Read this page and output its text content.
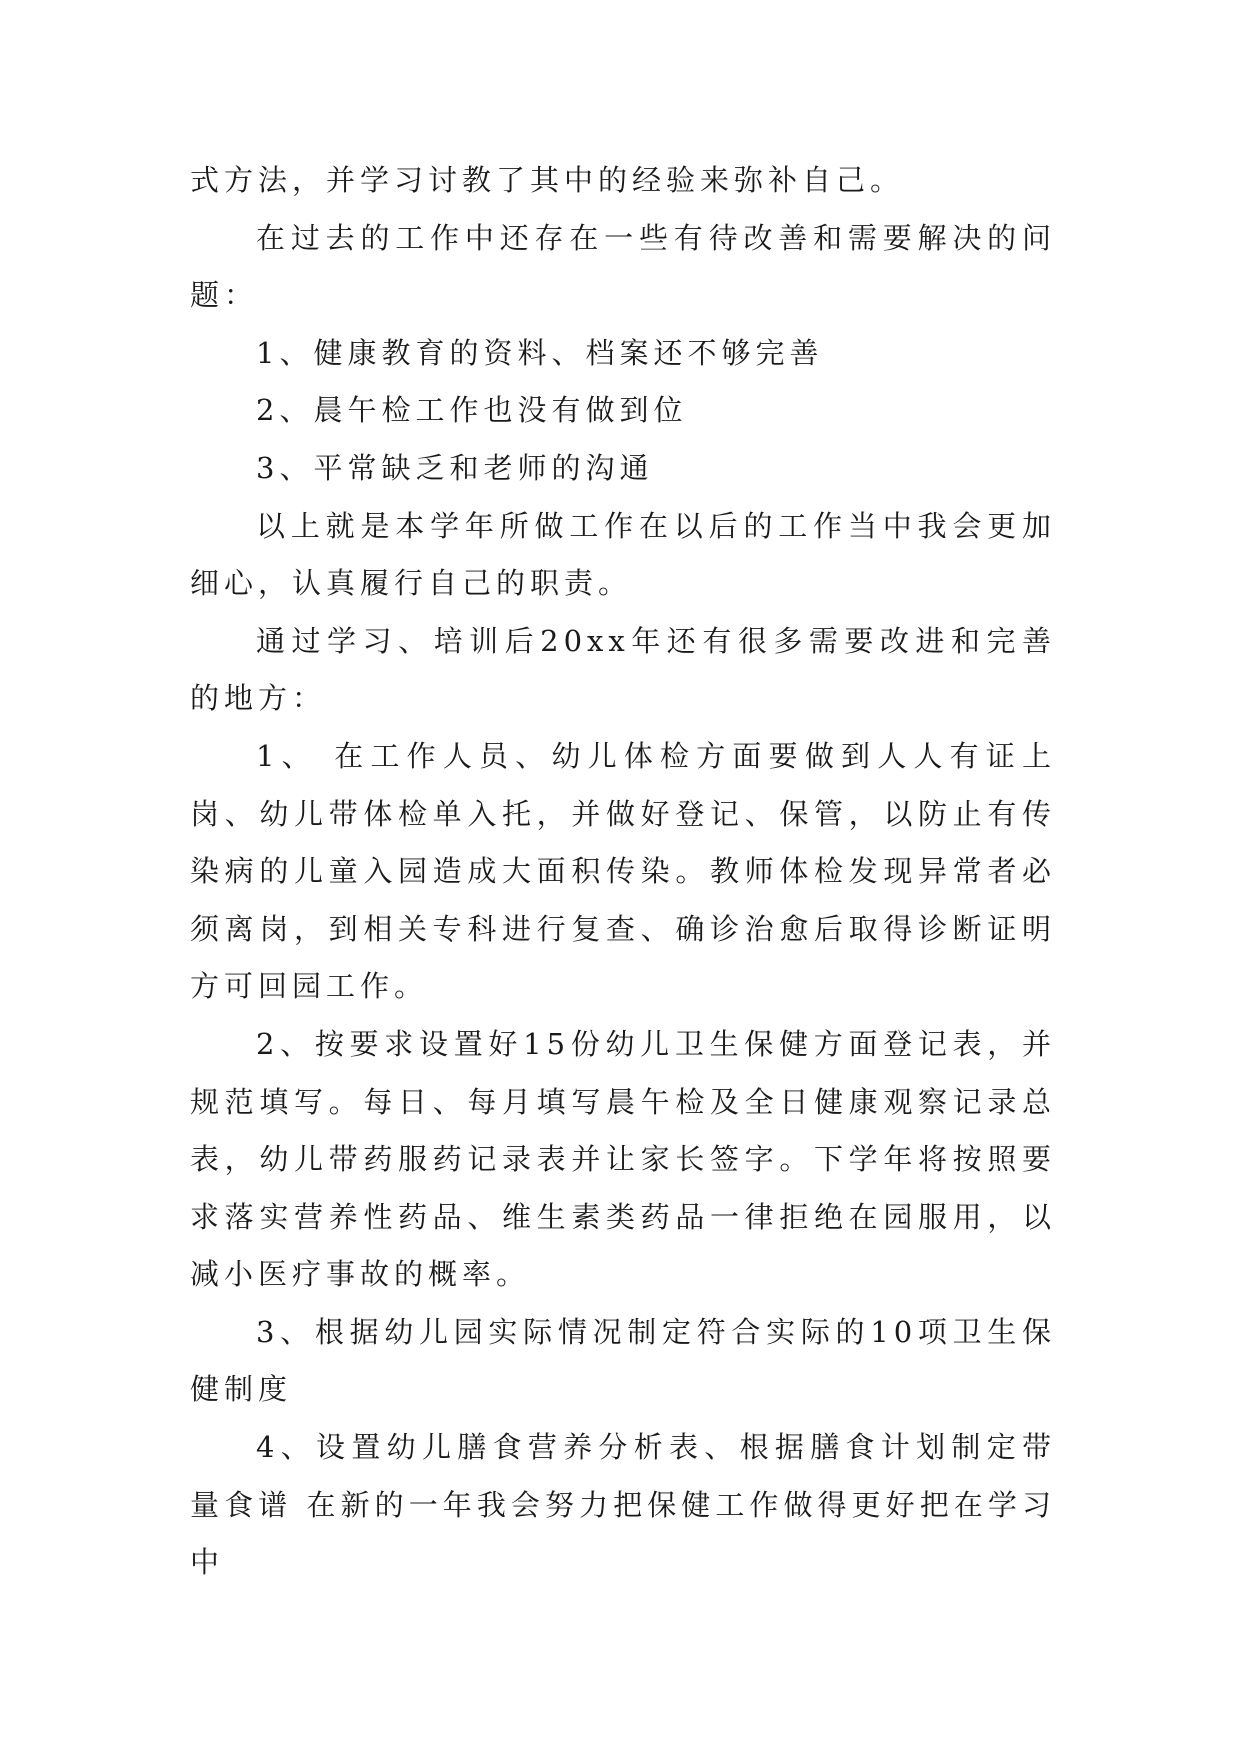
式方法，并学习讨教了其中的经验来弥补自己。

在过去的工作中还存在一些有待改善和需要解决的问题：

1、健康教育的资料、档案还不够完善

2、晨午检工作也没有做到位

3、平常缺乏和老师的沟通

以上就是本学年所做工作在以后的工作当中我会更加细心，认真履行自己的职责。

通过学习、培训后20xx年还有很多需要改进和完善的地方：

1、 在工作人员、幼儿体检方面要做到人人有证上岗、幼儿带体检单入托，并做好登记、保管，以防止有传染病的儿童入园造成大面积传染。教师体检发现异常者必须离岗，到相关专科进行复查、确诊治愈后取得诊断证明方可回园工作。

2、按要求设置好15份幼儿卫生保健方面登记表，并规范填写。每日、每月填写晨午检及全日健康观察记录总表，幼儿带药服药记录表并让家长签字。下学年将按照要求落实营养性药品、维生素类药品一律拒绝在园服用，以减小医疗事故的概率。

3、根据幼儿园实际情况制定符合实际的10项卫生保健制度

4、设置幼儿膳食营养分析表、根据膳食计划制定带量食谱 在新的一年我会努力把保健工作做得更好把在学习中
